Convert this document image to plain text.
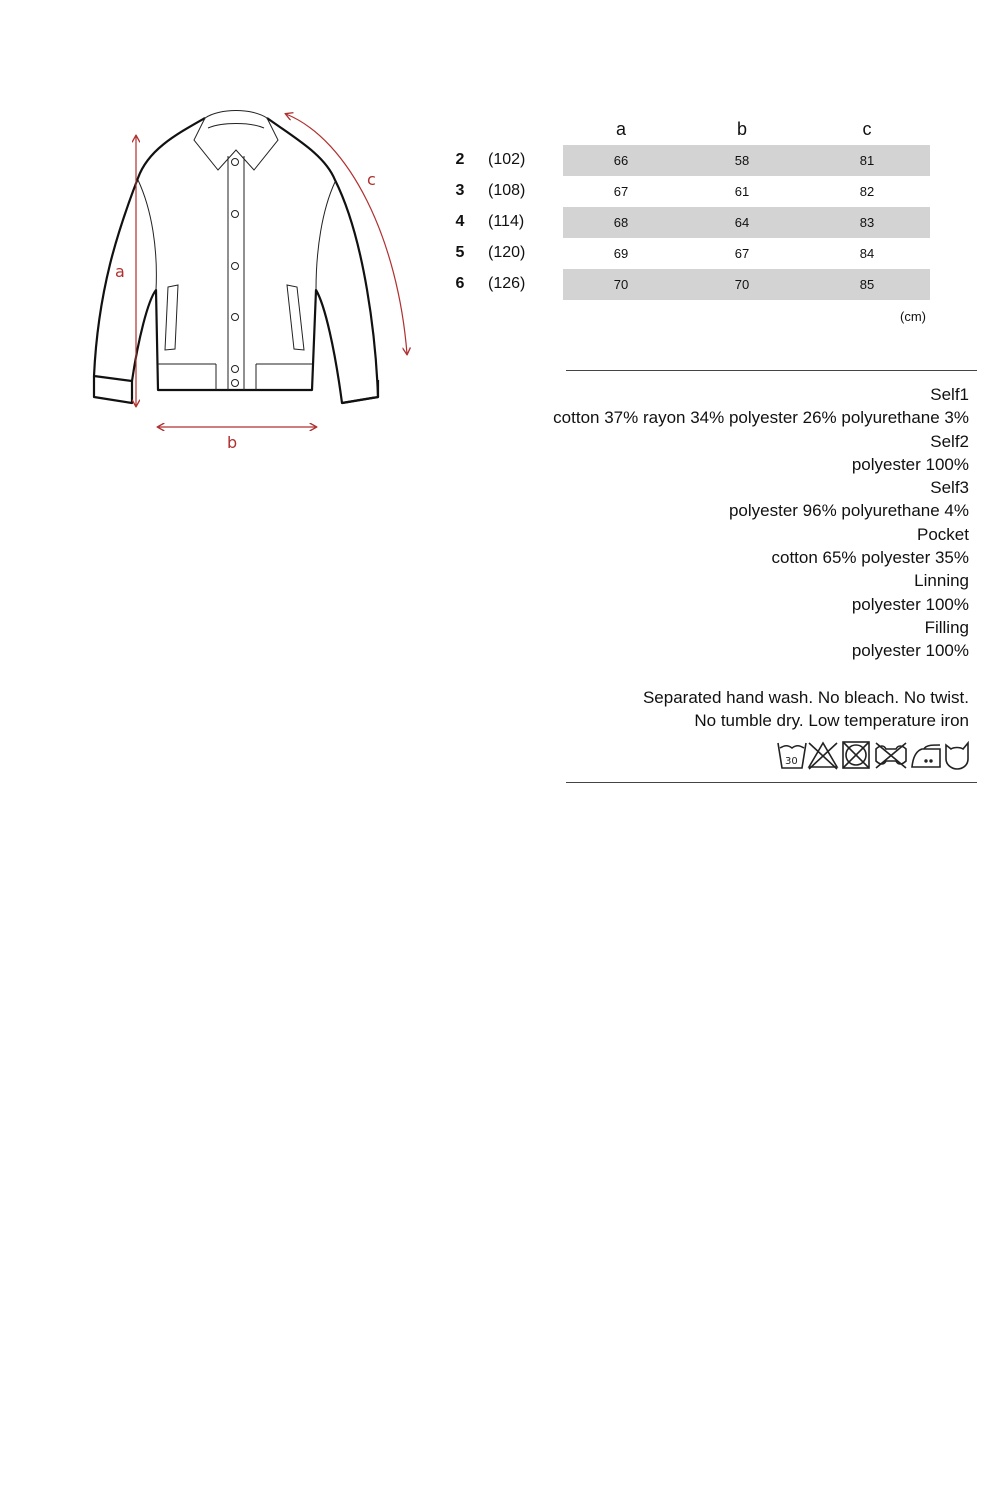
a
b
c
a	b	c
2	(102)	66	58	81
3	(108)	67	61	82
4	(114)	68	64	83
5	(120)	69	67	84
6	(126)	70	70	85
(cm)
Self1
cotton 37% rayon 34% polyester 26% polyurethane 3%
Self2
polyester 100%
Self3
polyester 96% polyurethane 4%
Pocket
cotton 65% polyester 35%
Linning
polyester 100%
Filling
polyester 100%
Separated hand wash. No bleach. No twist.
No tumble dry. Low temperature iron
30
